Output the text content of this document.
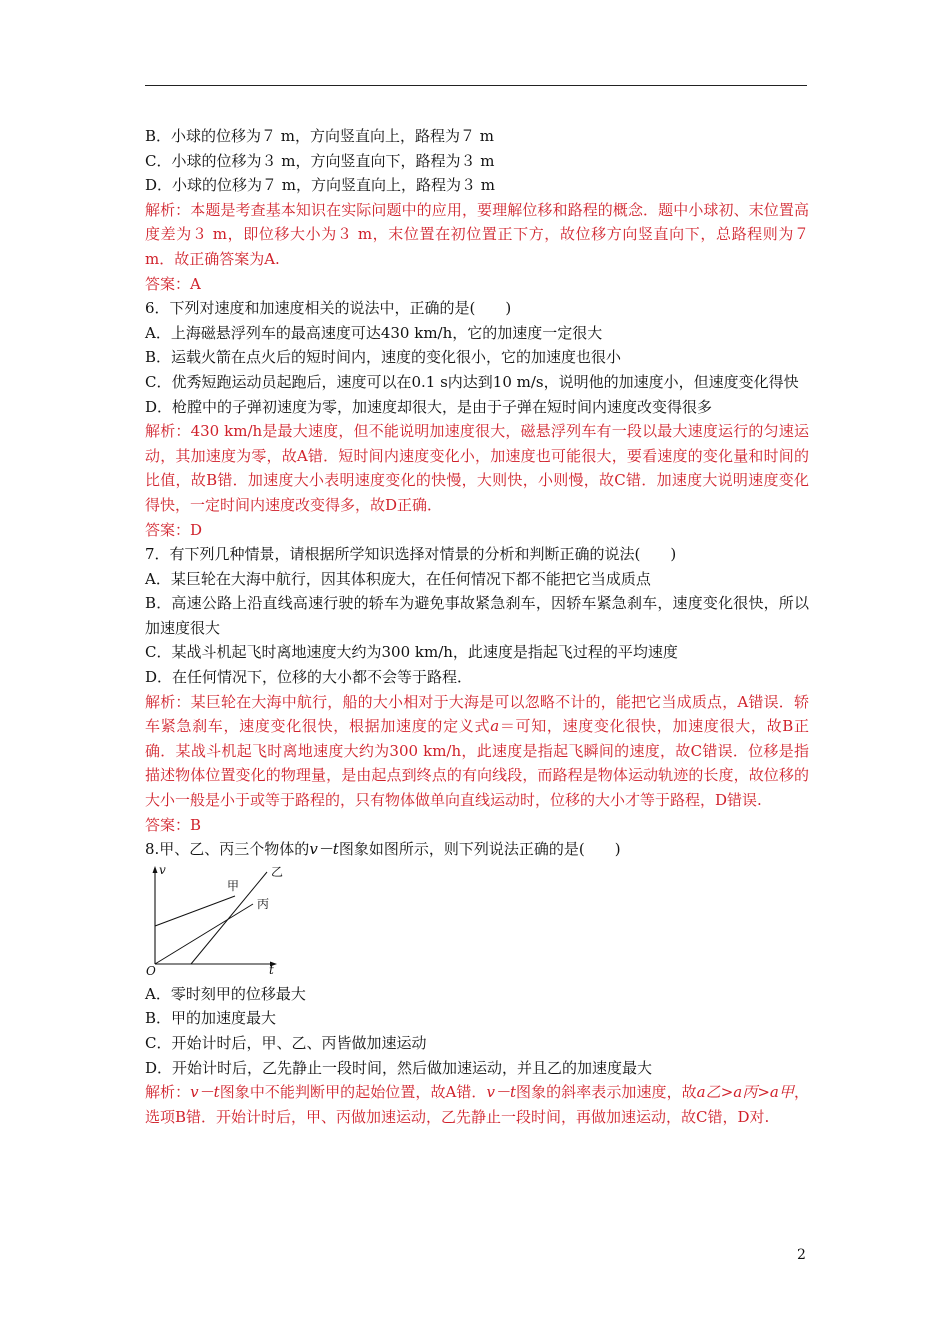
B．小球的位移为７ m，方向竖直向上，路程为７ m
C．小球的位移为３ m，方向竖直向下，路程为３ m
D．小球的位移为７ m，方向竖直向上，路程为３ m
解析：本题是考查基本知识在实际问题中的应用，要理解位移和路程的概念．题中小球初、末位置高度差为３ m，即位移大小为３ m，末位置在初位置正下方，故位移方向竖直向下，总路程则为７ m．故正确答案为A.
答案：A
6．下列对速度和加速度相关的说法中，正确的是(　　)
A．上海磁悬浮列车的最高速度可达430 km/h，它的加速度一定很大
B．运载火箭在点火后的短时间内，速度的变化很小，它的加速度也很小
C．优秀短跑运动员起跑后，速度可以在0.1 s内达到10 m/s，说明他的加速度小，但速度变化得快
D．枪膛中的子弹初速度为零，加速度却很大，是由于子弹在短时间内速度改变得很多
解析：430 km/h是最大速度，但不能说明加速度很大，磁悬浮列车有一段以最大速度运行的匀速运动，其加速度为零，故A错．短时间内速度变化小，加速度也可能很大，要看速度的变化量和时间的比值，故B错．加速度大小表明速度变化的快慢，大则快，小则慢，故C错．加速度大说明速度变化得快，一定时间内速度改变得多，故D正确．
答案：D
7．有下列几种情景，请根据所学知识选择对情景的分析和判断正确的说法(　　)
A．某巨轮在大海中航行，因其体积庞大，在任何情况下都不能把它当成质点
B．高速公路上沿直线高速行驶的轿车为避免事故紧急刹车，因轿车紧急刹车，速度变化很快，所以加速度很大
C．某战斗机起飞时离地速度大约为300 km/h，此速度是指起飞过程的平均速度
D．在任何情况下，位移的大小都不会等于路程．
解析：某巨轮在大海中航行，船的大小相对于大海是可以忽略不计的，能把它当成质点，A错误．轿车紧急刹车，速度变化很快，根据加速度的定义式a＝可知，速度变化很快，加速度很大，故B正确．某战斗机起飞时离地速度大约为300 km/h，此速度是指起飞瞬间的速度，故C错误．位移是指描述物体位置变化的物理量，是由起点到终点的有向线段，而路程是物体运动轨迹的长度，故位移的大小一般是小于或等于路程的，只有物体做单向直线运动时，位移的大小才等于路程，D错误.
答案：B
8.甲、乙、丙三个物体的v－t图象如图所示，则下列说法正确的是(　　)
v
t
O
甲
乙
丙
A．零时刻甲的位移最大
B．甲的加速度最大
C．开始计时后，甲、乙、丙皆做加速运动
D．开始计时后，乙先静止一段时间，然后做加速运动，并且乙的加速度最大
解析：v－t图象中不能判断甲的起始位置，故A错．v－t图象的斜率表示加速度，故a乙>a丙>a甲，选项B错．开始计时后，甲、丙做加速运动，乙先静止一段时间，再做加速运动，故C错，D对.
2
